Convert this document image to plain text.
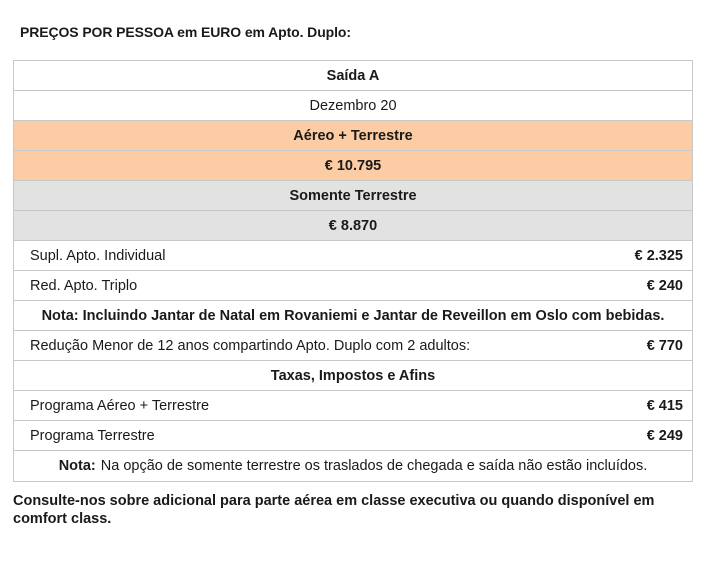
PREÇOS POR PESSOA em EURO em Apto. Duplo:
Saída A
Dezembro 20
Aéreo + Terrestre
€ 10.795
Somente Terrestre
€ 8.870
Supl. Apto. Individual	€ 2.325
Red. Apto. Triplo	€ 240
Nota: Incluindo Jantar de Natal em Rovaniemi e Jantar de Reveillon em Oslo com bebidas.
Redução Menor de 12 anos compartindo Apto. Duplo com 2 adultos:	€ 770
Taxas, Impostos e Afins
Programa Aéreo + Terrestre	€ 415
Programa Terrestre	€ 249
Nota: Na opção de somente terrestre os traslados de chegada e saída não estão incluídos.
Consulte-nos sobre adicional para parte aérea em classe executiva ou quando disponível em comfort class.
